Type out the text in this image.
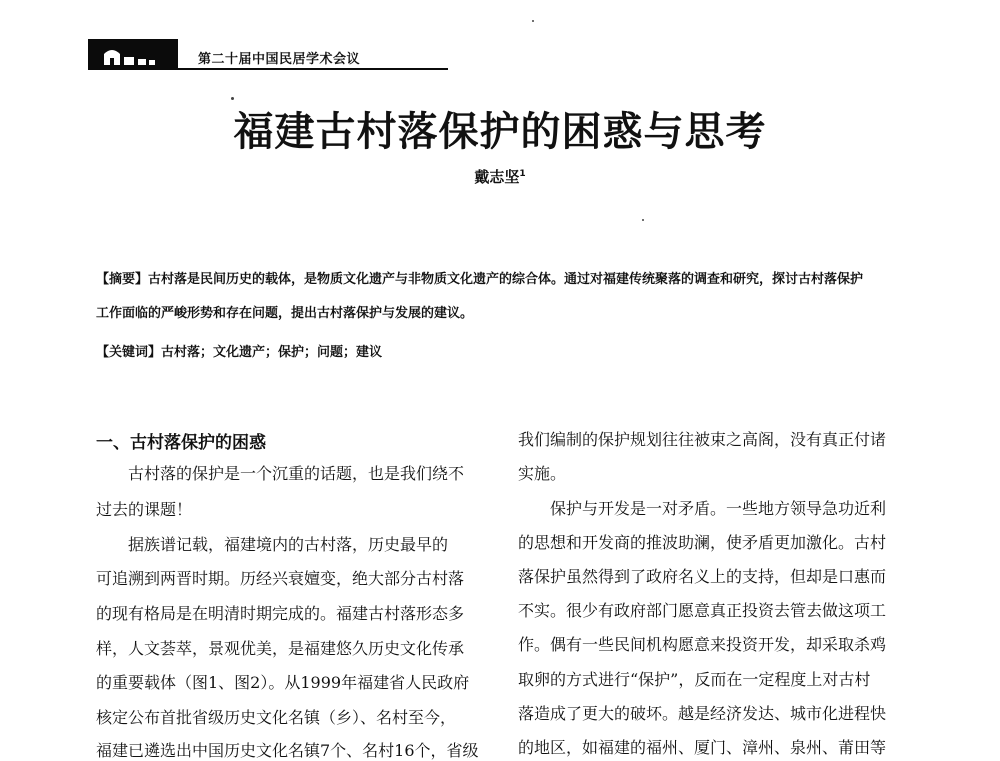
第二十届中国民居学术会议
福建古村落保护的困惑与思考
戴志坚$^1$
【摘要】古村落是民间历史的载体，是物质文化遗产与非物质文化遗产的综合体。通过对福建传统聚落的调查和研究，探讨古村落保护
工作面临的严峻形势和存在问题，提出古村落保护与发展的建议。
【关键词】古村落；文化遗产；保护；问题；建议
一、古村落保护的困惑
　　古村落的保护是一个沉重的话题，也是我们绕不
过去的课题！
　　据族谱记载，福建境内的古村落，历史最早的
可追溯到两晋时期。历经兴衰嬗变，绝大部分古村落
的现有格局是在明清时期完成的。福建古村落形态多
样，人文荟萃，景观优美，是福建悠久历史文化传承
的重要载体（图1、图2）。从1999年福建省人民政府
核定公布首批省级历史文化名镇（乡）、名村至今，
福建已遴选出中国历史文化名镇7个、名村16个，省级
我们编制的保护规划往往被束之高阁，没有真正付诸
实施。
　　保护与开发是一对矛盾。一些地方领导急功近利
的思想和开发商的推波助澜，使矛盾更加激化。古村
落保护虽然得到了政府名义上的支持，但却是口惠而
不实。很少有政府部门愿意真正投资去管去做这项工
作。偶有一些民间机构愿意来投资开发，却采取杀鸡
取卵的方式进行“保护”，反而在一定程度上对古村
落造成了更大的破坏。越是经济发达、城市化进程快
的地区，如福建的福州、厦门、漳州、泉州、莆田等
